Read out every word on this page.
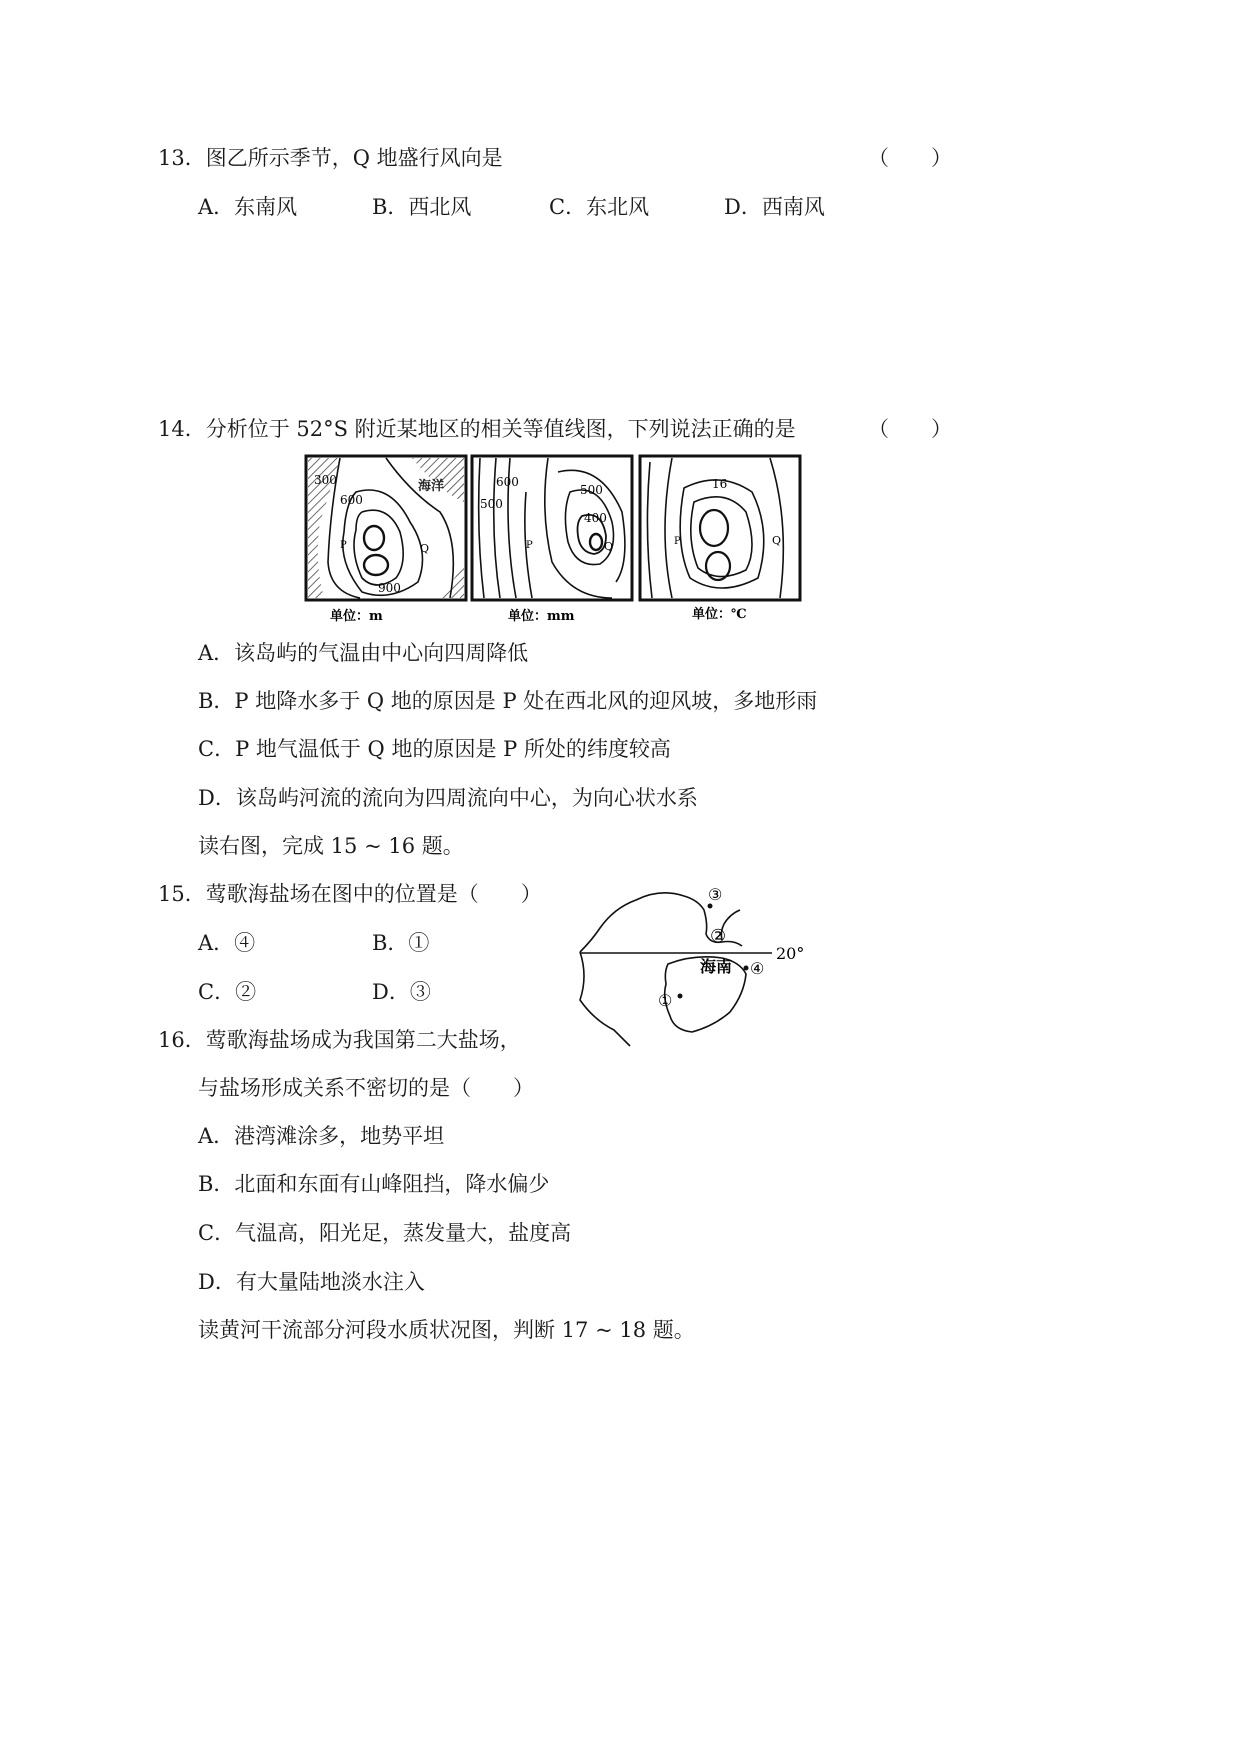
13．图乙所示季节，Q 地盛行风向是	（　　）
A．东南风	B．西北风	C．东北风	D．西南风
14．分析位于 52°S 附近某地区的相关等值线图，下列说法正确的是	（　　）
300
600
P	Q
900
海洋
单位：m
600
500
500
400
P	Q
单位：mm
16
P	Q
单位：℃
A．该岛屿的气温由中心向四周降低
B．P 地降水多于 Q 地的原因是 P 处在西北风的迎风坡，多地形雨
C．P 地气温低于 Q 地的原因是 P 所处的纬度较高
D．该岛屿河流的流向为四周流向中心，为向心状水系
读右图，完成 15 ~ 16 题。
15．莺歌海盐场在图中的位置是（　　）
A．④	B．①
C．②	D．③
20°
海南
①
②
③
④
16．莺歌海盐场成为我国第二大盐场，
与盐场形成关系不密切的是（　　）
A．港湾滩涂多，地势平坦
B．北面和东面有山峰阻挡，降水偏少
C．气温高，阳光足，蒸发量大，盐度高
D．有大量陆地淡水注入
读黄河干流部分河段水质状况图，判断 17 ~ 18 题。
